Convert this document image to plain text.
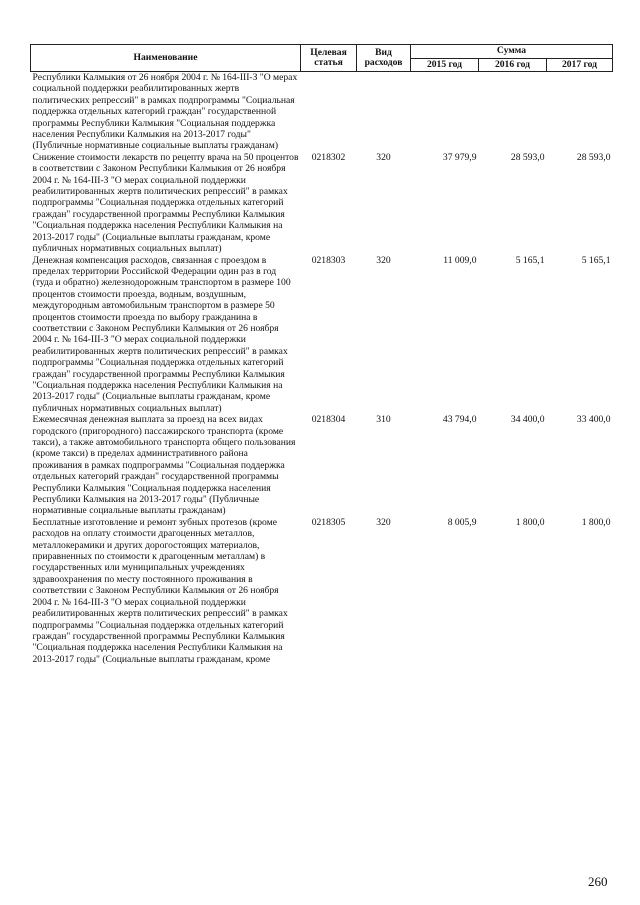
Наименование	Целевая статья	Вид расходов	Сумма		
			2015 год	2016 год	2017 год
Республики Калмыкия от 26 ноября 2004 г. № 164-III-З "О мерах социальной поддержки реабилитированных жертв политических репрессий" в рамках подпрограммы "Социальная поддержка отдельных категорий граждан" государственной программы Республики Калмыкия "Социальная поддержка населения Республики Калмыкия на 2013-2017 годы" (Публичные нормативные социальные выплаты гражданам)					
Снижение стоимости лекарств по рецепту врача на 50 процентов в соответствии с Законом Республики Калмыкия от 26 ноября 2004 г. № 164-III-З "О мерах социальной поддержки реабилитированных жертв политических репрессий" в рамках подпрограммы "Социальная поддержка отдельных категорий граждан" государственной программы Республики Калмыкия "Социальная поддержка населения Республики Калмыкия на 2013-2017 годы" (Социальные выплаты гражданам, кроме публичных нормативных социальных выплат)	0218302	320	37 979,9	28 593,0	28 593,0
Денежная компенсация расходов, связанная с проездом в пределах территории Российской Федерации один раз в год (туда и обратно) железнодорожным транспортом в размере 100 процентов стоимости проезда, водным, воздушным, междугородным автомобильным транспортом в размере 50 процентов стоимости проезда по выбору гражданина в соответствии с Законом Республики Калмыкия от 26 ноября 2004 г. № 164-III-З "О мерах социальной поддержки реабилитированных жертв политических репрессий" в рамках подпрограммы "Социальная поддержка отдельных категорий граждан" государственной программы Республики Калмыкия "Социальная поддержка населения Республики Калмыкия на 2013-2017 годы" (Социальные выплаты гражданам, кроме публичных нормативных социальных выплат)	0218303	320	11 009,0	5 165,1	5 165,1
Ежемесячная денежная выплата за проезд на всех видах городского (пригородного) пассажирского транспорта (кроме такси), а также автомобильного транспорта общего пользования (кроме такси) в пределах административного района проживания в рамках подпрограммы "Социальная поддержка отдельных категорий граждан" государственной программы Республики Калмыкия "Социальная поддержка населения Республики Калмыкия на 2013-2017 годы" (Публичные нормативные социальные выплаты гражданам)	0218304	310	43 794,0	34 400,0	33 400,0
Бесплатные изготовление и ремонт зубных протезов (кроме расходов на оплату стоимости драгоценных металлов, металлокерамики и других дорогостоящих материалов, приравненных по стоимости к драгоценным металлам) в государственных или муниципальных учреждениях здравоохранения по месту постоянного проживания в соответствии с Законом Республики Калмыкия от 26 ноября 2004 г. № 164-III-З "О мерах социальной поддержки реабилитированных жертв политических репрессий" в рамках подпрограммы "Социальная поддержка отдельных категорий граждан" государственной программы Республики Калмыкия "Социальная поддержка населения Республики Калмыкия на 2013-2017 годы" (Социальные выплаты гражданам, кроме	0218305	320	8 005,9	1 800,0	1 800,0
260
